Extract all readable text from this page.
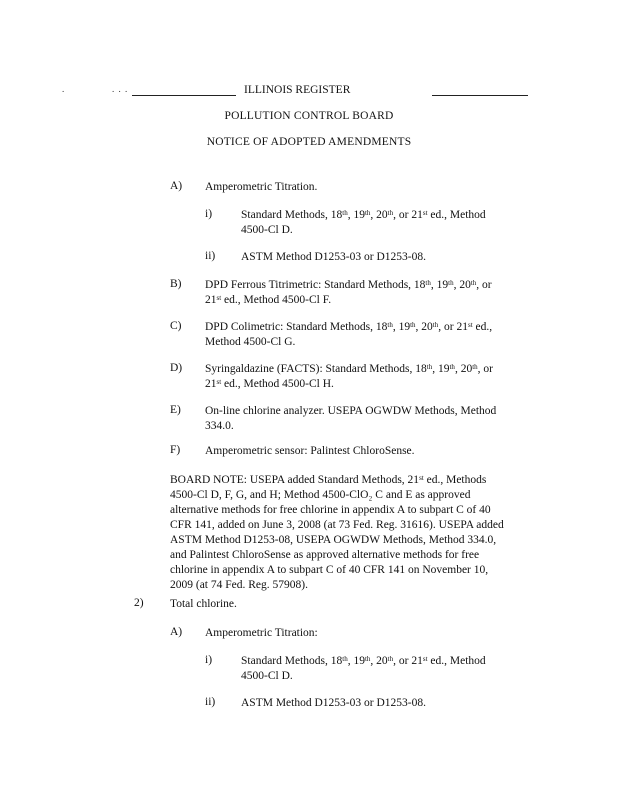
.	. . .	ILLINOIS REGISTER
POLLUTION CONTROL BOARD
NOTICE OF ADOPTED AMENDMENTS
A) Amperometric Titration.
i)	Standard Methods, 18th, 19th, 20th, or 21st ed., Method
4500-Cl D.
ii) ASTM Method D1253-03 or D1253-08.
B) DPD Ferrous Titrimetric: Standard Methods, 18th, 19th, 20th, or
21st ed., Method 4500-Cl F.
C) DPD Colimetric: Standard Methods, 18th, 19th, 20th, or 21st ed.,
Method 4500-Cl G.
D) Syringaldazine (FACTS): Standard Methods, 18th, 19th, 20th, or
21st ed., Method 4500-Cl H.
E) On-line chlorine analyzer. USEPA OGWDW Methods, Method
334.0.
F) Amperometric sensor: Palintest ChloroSense.
BOARD NOTE: USEPA added Standard Methods, 21st ed., Methods
4500-Cl D, F, G, and H; Method 4500-ClO₂ C and E as approved
alternative methods for free chlorine in appendix A to subpart C of 40
CFR 141, added on June 3, 2008 (at 73 Fed. Reg. 31616). USEPA added
ASTM Method D1253-08, USEPA OGWDW Methods, Method 334.0,
and Palintest ChloroSense as approved alternative methods for free
chlorine in appendix A to subpart C of 40 CFR 141 on November 10,
2009 (at 74 Fed. Reg. 57908).
2) Total chlorine.
A) Amperometric Titration:
i)	Standard Methods, 18th, 19th, 20th, or 21st ed., Method
4500-Cl D.
ii) ASTM Method D1253-03 or D1253-08.
